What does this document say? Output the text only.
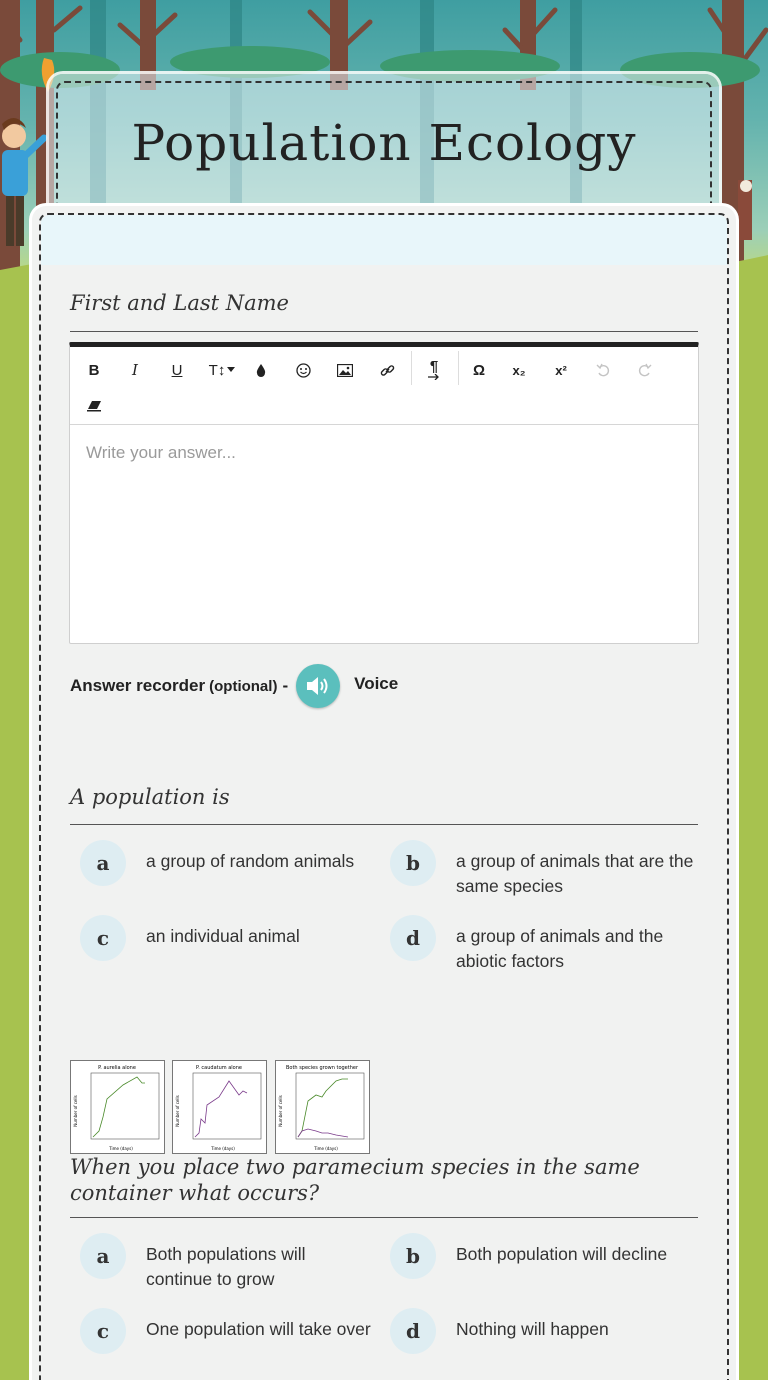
Population Ecology
First and Last Name
B	I	U	T↕	¶	Ω	x₂	x²
Write your answer...
Answer recorder (optional) -	Voice
A population is
a	a group of random animals	b	a group of animals that are the same species
c	an individual animal	d	a group of animals and the abiotic factors
P. aurelia alone
Number of cells
Time (days)
P. caudatum alone
Number of cells
Time (days)
Both species grown together
Number of cells
Time (days)
When you place two paramecium species in the same container what occurs?
a	Both populations will continue to grow
b	Both population will decline
c	One population will take over	d	Nothing will happen
